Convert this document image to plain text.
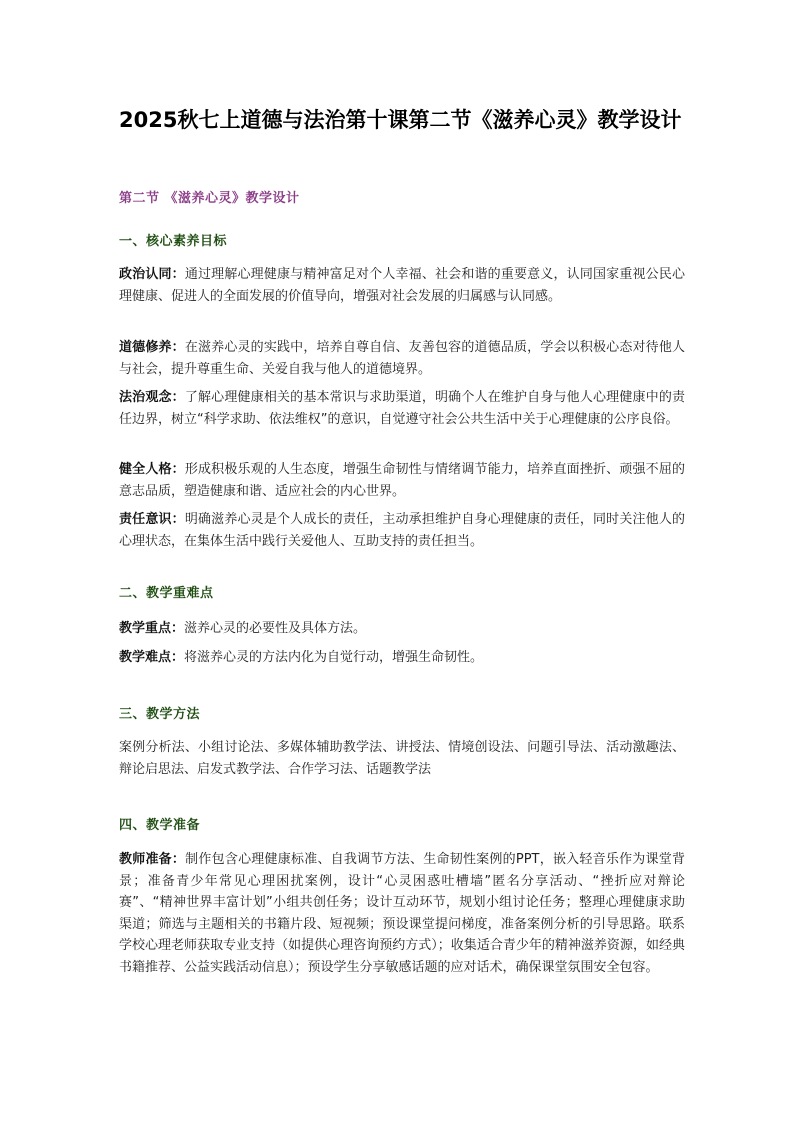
2025秋七上道德与法治第十课第二节《滋养心灵》教学设计
第二节 《滋养心灵》教学设计
一、核心素养目标

政治认同：通过理解心理健康与精神富足对个人幸福、社会和谐的重要意义，认同国家重视公民心理健康、促进人的全面发展的价值导向，增强对社会发展的归属感与认同感。

道德修养：在滋养心灵的实践中，培养自尊自信、友善包容的道德品质，学会以积极心态对待他人与社会，提升尊重生命、关爱自我与他人的道德境界。

法治观念：了解心理健康相关的基本常识与求助渠道，明确个人在维护自身与他人心理健康中的责任边界，树立“科学求助、依法维权”的意识，自觉遵守社会公共生活中关于心理健康的公序良俗。

健全人格：形成积极乐观的人生态度，增强生命韧性与情绪调节能力，培养直面挫折、顽强不屈的意志品质，塑造健康和谐、适应社会的内心世界。

责任意识：明确滋养心灵是个人成长的责任，主动承担维护自身心理健康的责任，同时关注他人的心理状态，在集体生活中践行关爱他人、互助支持的责任担当。

二、教学重难点

教学重点：滋养心灵的必要性及具体方法。

教学难点：将滋养心灵的方法内化为自觉行动，增强生命韧性。

三、教学方法

案例分析法、小组讨论法、多媒体辅助教学法、讲授法、情境创设法、问题引导法、活动激趣法、辩论启思法、启发式教学法、合作学习法、话题教学法

四、教学准备

教师准备：制作包含心理健康标准、自我调节方法、生命韧性案例的PPT，嵌入轻音乐作为课堂背景；准备青少年常见心理困扰案例，设计“心灵困惑吐槽墙”匿名分享活动、“挫折应对辩论赛”、“精神世界丰富计划”小组共创任务；设计互动环节，规划小组讨论任务；整理心理健康求助渠道；筛选与主题相关的书籍片段、短视频；预设课堂提问梯度，准备案例分析的引导思路。联系学校心理老师获取专业支持（如提供心理咨询预约方式）；收集适合青少年的精神滋养资源，如经典书籍推荐、公益实践活动信息）；预设学生分享敏感话题的应对话术，确保课堂氛围安全包容。
